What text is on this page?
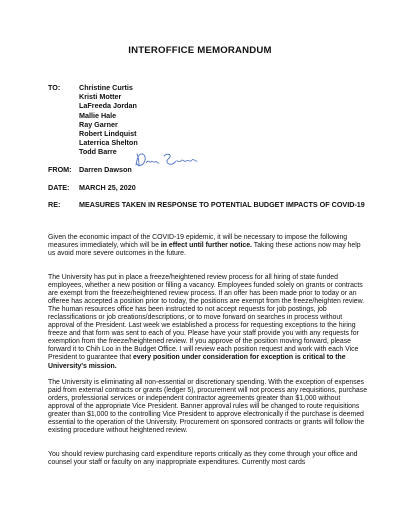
INTEROFFICE MEMORANDUM
TO:	Christine Curtis
Kristi Motter
LaFreeda Jordan
Mallie Hale
Ray Garner
Robert Lindquist
Laterrica Shelton
Todd Barre
FROM: Darren Dawson
DATE: MARCH 25, 2020
RE:	MEASURES TAKEN IN RESPONSE TO POTENTIAL BUDGET IMPACTS OF COVID-19
Given the economic impact of the COVID-19 epidemic, it will be necessary to impose the following measures immediately, which will be in effect until further notice. Taking these actions now may help us avoid more severe outcomes in the future.
The University has put in place a freeze/heightened review process for all hiring of state funded employees, whether a new position or filling a vacancy. Employees funded solely on grants or contracts are exempt from the freeze/heightened review process. If an offer has been made prior to today or an offeree has accepted a position prior to today, the positions are exempt from the freeze/heighten review. The human resources office has been instructed to not accept requests for job postings, job reclassifications or job creations/descriptions, or to move forward on searches in process without approval of the President. Last week we established a process for requesting exceptions to the hiring freeze and that form was sent to each of you. Please have your staff provide you with any requests for exemption from the freeze/heightened review. If you approve of the position moving forward, please forward it to Chih Loo in the Budget Office. I will review each position request and work with each Vice President to guarantee that every position under consideration for exception is critical to the University's mission.
The University is eliminating all non-essential or discretionary spending. With the exception of expenses paid from external contracts or grants (ledger 5), procurement will not process any requisitions, purchase orders, professional services or independent contractor agreements greater than $1,000 without approval of the appropriate Vice President. Banner approval rules will be changed to route requisitions greater than $1,000 to the controlling Vice President to approve electronically if the purchase is deemed essential to the operation of the University. Procurement on sponsored contracts or grants will follow the existing procedure without heightened review.
You should review purchasing card expenditure reports critically as they come through your office and counsel your staff or faculty on any inappropriate expenditures. Currently most cards
